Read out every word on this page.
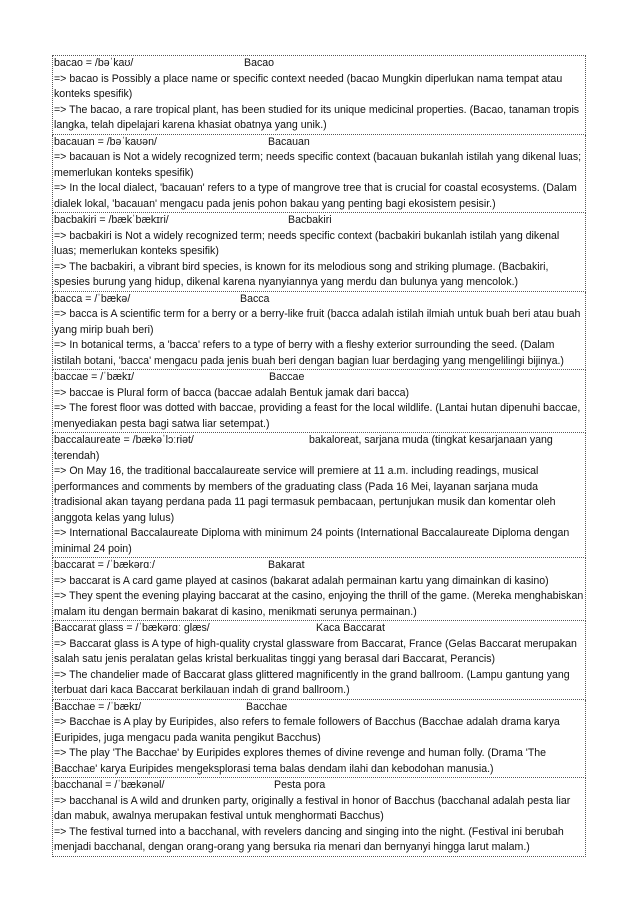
bacao = /bəˈkaʊ/	Bacao
=> bacao is Possibly a place name or specific context needed (bacao Mungkin diperlukan nama tempat atau konteks spesifik)
=> The bacao, a rare tropical plant, has been studied for its unique medicinal properties. (Bacao, tanaman tropis langka, telah dipelajari karena khasiat obatnya yang unik.)
bacauan = /bəˈkaʊən/	Bacauan
=> bacauan is Not a widely recognized term; needs specific context (bacauan bukanlah istilah yang dikenal luas; memerlukan konteks spesifik)
=> In the local dialect, 'bacauan' refers to a type of mangrove tree that is crucial for coastal ecosystems. (Dalam dialek lokal, 'bacauan' mengacu pada jenis pohon bakau yang penting bagi ekosistem pesisir.)
bacbakiri = /bækˈbækɪri/	Bacbakiri
=> bacbakiri is Not a widely recognized term; needs specific context (bacbakiri bukanlah istilah yang dikenal luas; memerlukan konteks spesifik)
=> The bacbakiri, a vibrant bird species, is known for its melodious song and striking plumage. (Bacbakiri, spesies burung yang hidup, dikenal karena nyanyiannya yang merdu dan bulunya yang mencolok.)
bacca = /ˈbækə/	Bacca
=> bacca is A scientific term for a berry or a berry-like fruit (bacca adalah istilah ilmiah untuk buah beri atau buah yang mirip buah beri)
=> In botanical terms, a 'bacca' refers to a type of berry with a fleshy exterior surrounding the seed. (Dalam istilah botani, 'bacca' mengacu pada jenis buah beri dengan bagian luar berdaging yang mengelilingi bijinya.)
baccae = /ˈbækɪ/	Baccae
=> baccae is Plural form of bacca (baccae adalah Bentuk jamak dari bacca)
=> The forest floor was dotted with baccae, providing a feast for the local wildlife. (Lantai hutan dipenuhi baccae, menyediakan pesta bagi satwa liar setempat.)
baccalaureate = /bækəˈlɔːriət/	bakaloreat, sarjana muda (tingkat kesarjanaan yang terendah)
=> On May 16, the traditional baccalaureate service will premiere at 11 a.m. including readings, musical performances and comments by members of the graduating class (Pada 16 Mei, layanan sarjana muda tradisional akan tayang perdana pada 11 pagi termasuk pembacaan, pertunjukan musik dan komentar oleh anggota kelas yang lulus)
=> International Baccalaureate Diploma with minimum 24 points (International Baccalaureate Diploma dengan minimal 24 poin)
baccarat = /ˈbækərɑː/	Bakarat
=> baccarat is A card game played at casinos (bakarat adalah permainan kartu yang dimainkan di kasino)
=> They spent the evening playing baccarat at the casino, enjoying the thrill of the game. (Mereka menghabiskan malam itu dengan bermain bakarat di kasino, menikmati serunya permainan.)
Baccarat glass = /ˈbækərɑː ɡlæs/	Kaca Baccarat
=> Baccarat glass is A type of high-quality crystal glassware from Baccarat, France (Gelas Baccarat merupakan salah satu jenis peralatan gelas kristal berkualitas tinggi yang berasal dari Baccarat, Perancis)
=> The chandelier made of Baccarat glass glittered magnificently in the grand ballroom. (Lampu gantung yang terbuat dari kaca Baccarat berkilauan indah di grand ballroom.)
Bacchae = /ˈbækɪ/	Bacchae
=> Bacchae is A play by Euripides, also refers to female followers of Bacchus (Bacchae adalah drama karya Euripides, juga mengacu pada wanita pengikut Bacchus)
=> The play 'The Bacchae' by Euripides explores themes of divine revenge and human folly. (Drama 'The Bacchae' karya Euripides mengeksplorasi tema balas dendam ilahi dan kebodohan manusia.)
bacchanal = /ˈbækənəl/	Pesta pora
=> bacchanal is A wild and drunken party, originally a festival in honor of Bacchus (bacchanal adalah pesta liar dan mabuk, awalnya merupakan festival untuk menghormati Bacchus)
=> The festival turned into a bacchanal, with revelers dancing and singing into the night. (Festival ini berubah menjadi bacchanal, dengan orang-orang yang bersuka ria menari dan bernyanyi hingga larut malam.)
